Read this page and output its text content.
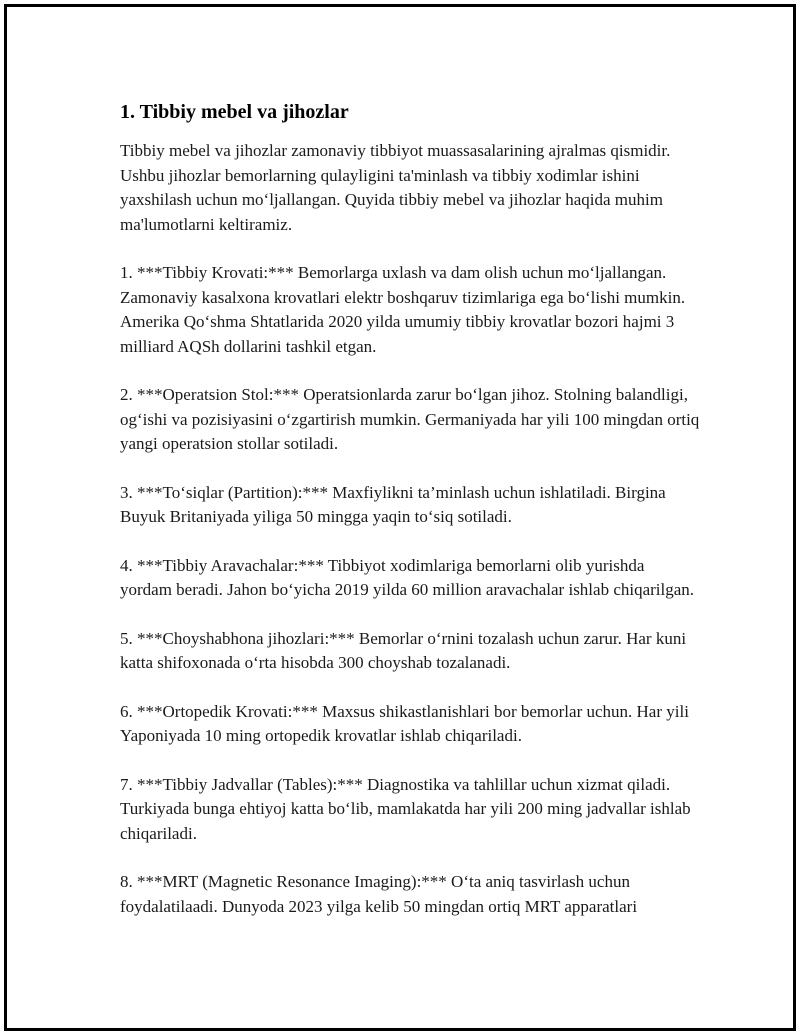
1. Tibbiy mebel va jihozlar

Tibbiy mebel va jihozlar zamonaviy tibbiyot muassasalarining ajralmas qismidir. Ushbu jihozlar bemorlarning qulayligini ta'minlash va tibbiy xodimlar ishini yaxshilash uchun mo‘ljallangan. Quyida tibbiy mebel va jihozlar haqida muhim ma'lumotlarni keltiramiz.

1. ***Tibbiy Krovati:*** Bemorlarga uxlash va dam olish uchun mo‘ljallangan. Zamonaviy kasalxona krovatlari elektr boshqaruv tizimlariga ega bo‘lishi mumkin. Amerika Qo‘shma Shtatlarida 2020 yilda umumiy tibbiy krovatlar bozori hajmi 3 milliard AQSh dollarini tashkil etgan.

2. ***Operatsion Stol:*** Operatsionlarda zarur bo‘lgan jihoz. Stolning balandligi, og‘ishi va pozisiyasini o‘zgartirish mumkin. Germaniyada har yili 100 mingdan ortiq yangi operatsion stollar sotiladi.

3. ***To‘siqlar (Partition):*** Maxfiylikni ta’minlash uchun ishlatiladi. Birgina Buyuk Britaniyada yiliga 50 mingga yaqin to‘siq sotiladi.

4. ***Tibbiy Aravachalar:*** Tibbiyot xodimlariga bemorlarni olib yurishda yordam beradi. Jahon bo‘yicha 2019 yilda 60 million aravachalar ishlab chiqarilgan.

5. ***Choyshabhona jihozlari:*** Bemorlar o‘rnini tozalash uchun zarur. Har kuni katta shifoxonada o‘rta hisobda 300 choyshab tozalanadi.

6. ***Ortopedik Krovati:*** Maxsus shikastlanishlari bor bemorlar uchun. Har yili Yaponiyada 10 ming ortopedik krovatlar ishlab chiqariladi.

7. ***Tibbiy Jadvallar (Tables):*** Diagnostika va tahlillar uchun xizmat qiladi. Turkiyada bunga ehtiyoj katta bo‘lib, mamlakatda har yili 200 ming jadvallar ishlab chiqariladi.

8. ***MRT (Magnetic Resonance Imaging):*** O‘ta aniq tasvirlash uchun foydalatilaadi. Dunyoda 2023 yilga kelib 50 mingdan ortiq MRT apparatlari
